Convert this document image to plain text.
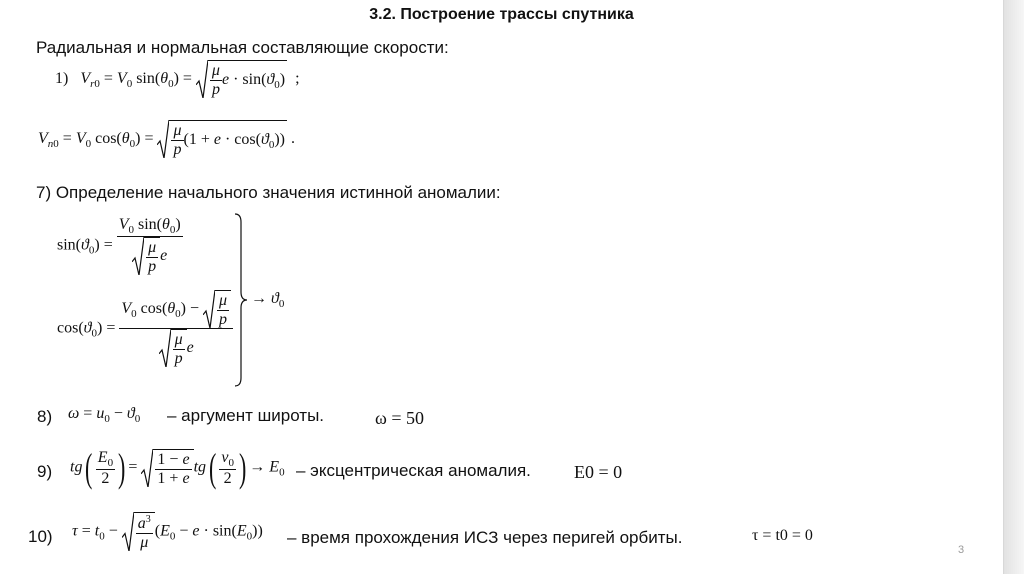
3.2. Построение трассы спутника
Радиальная и нормальная составляющие скорости:
1) $V_{r0} = V_0$ $\sin(\theta_0) = \frac{\mu}{p}$ $e \cdot \sin(ϑ_0)$ ;
$V_{n0} = V_0$ $\cos(\theta_0) = \frac{\mu}{p} (1 + e \cdot \cos(ϑ_0))$ .
7) Определение начального значения истинной аномалии:
$\sin(ϑ_0) = \frac{V_0 \sin(\theta_0)}{\frac{\mu}{p} e}$
$\cos(ϑ_0) = \frac{V_0 \cos(\theta_0) - \frac{\mu}{p}}{\frac{\mu}{p} e} \to ϑ_0$
8) $\omega = u_0 - ϑ_0$ – аргумент широты.	ω = 50
9) $tg( \frac{E_0}{2}$ ) = $\frac{1 - e}{1 + e} tg( \frac{v_0}{2}$ ) → $E_0$ – эксцентрическая аномалия. E0 = 0
10) $\tau = t_0 - \frac{a^3}{\mu} (E_0 - e \cdot \sin(E_0))$ – время прохождения ИСЗ через перигей орбиты.	τ = t0 = 0
3
